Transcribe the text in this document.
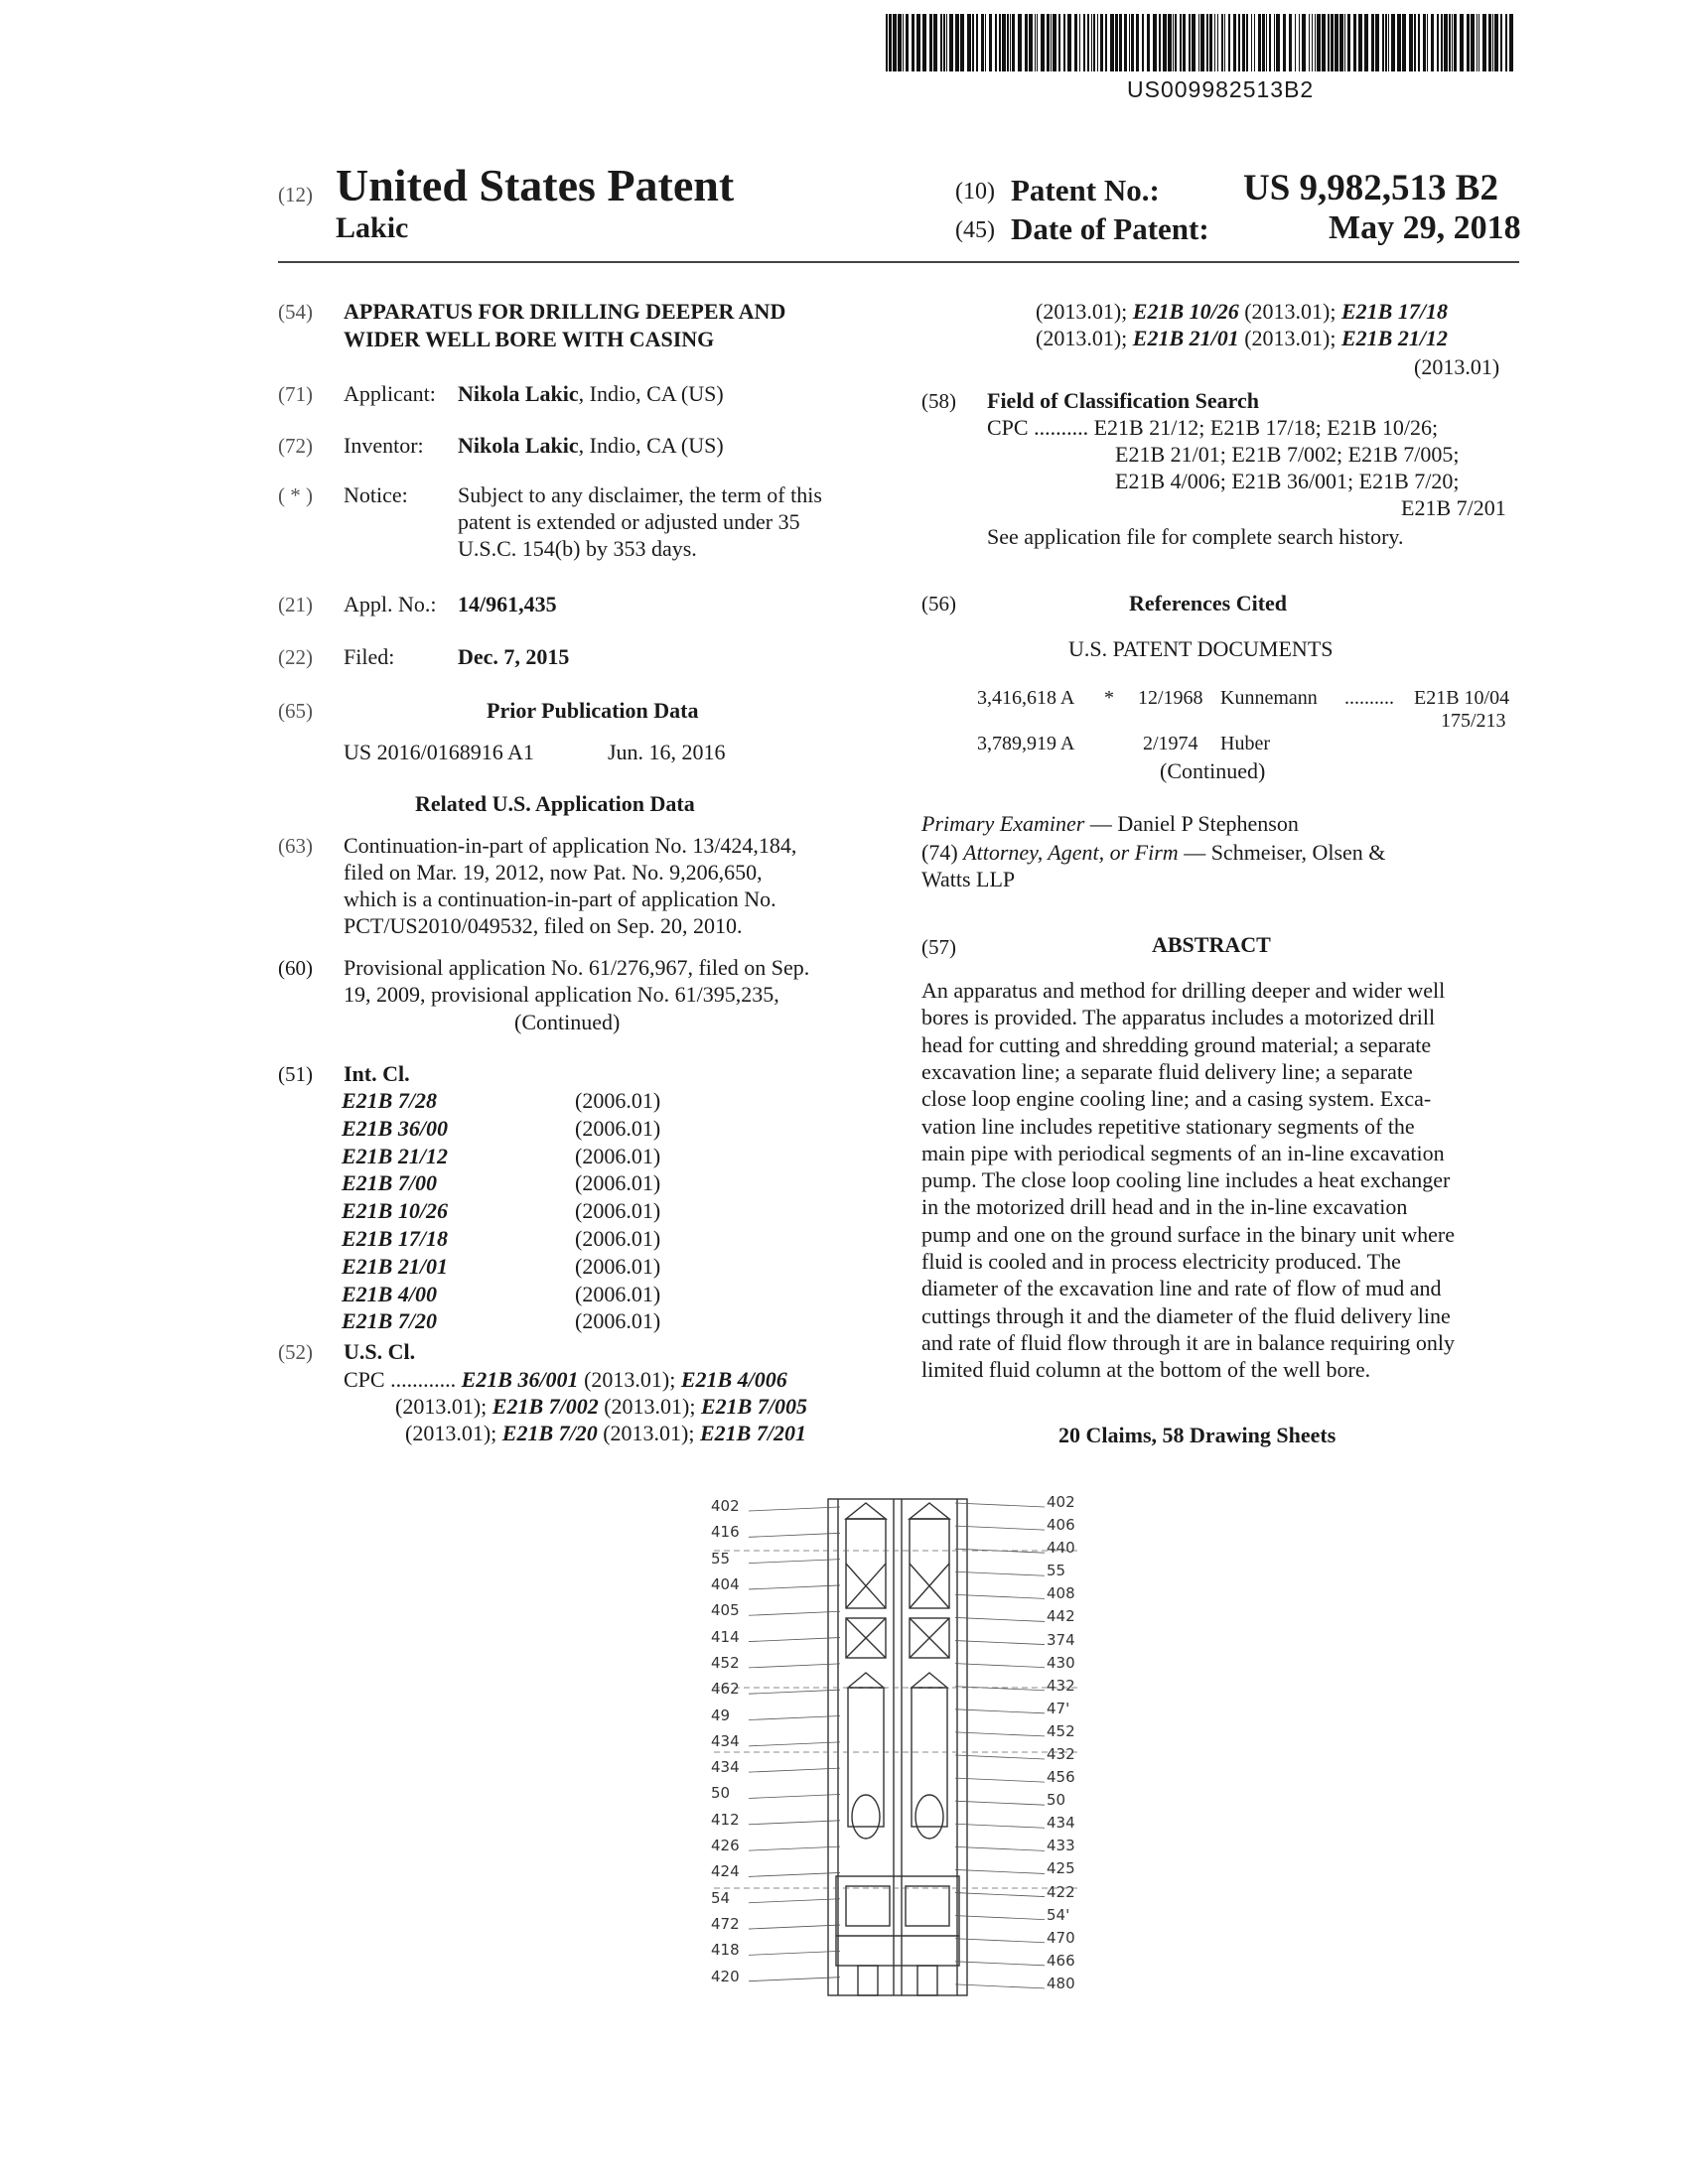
US009982513B2
(12) United States Patent
Lakic
(10) Patent No.: US 9,982,513 B2
(45) Date of Patent:	May 29, 2018
(54) APPARATUS FOR DRILLING DEEPER AND
WIDER WELL BORE WITH CASING
(71) Applicant: Nikola Lakic, Indio, CA (US)
(72) Inventor: Nikola Lakic, Indio, CA (US)
( * ) Notice: Subject to any disclaimer, the term of this
patent is extended or adjusted under 35
U.S.C. 154(b) by 353 days.
(21) Appl. No.: 14/961,435
(22) Filed:	Dec. 7, 2015
(65)	Prior Publication Data
US 2016/0168916 A1	Jun. 16, 2016
Related U.S. Application Data
(63) Continuation-in-part of application No. 13/424,184,
filed on Mar. 19, 2012, now Pat. No. 9,206,650,
which is a continuation-in-part of application No.
PCT/US2010/049532, filed on Sep. 20, 2010.
(60) Provisional application No. 61/276,967, filed on Sep.
19, 2009, provisional application No. 61/395,235,
(Continued)
(51) Int. Cl.
E21B 7/28	(2006.01)
E21B 36/00	(2006.01)
E21B 21/12	(2006.01)
E21B 7/00	(2006.01)
E21B 10/26	(2006.01)
E21B 17/18	(2006.01)
E21B 21/01	(2006.01)
E21B 4/00	(2006.01)
E21B 7/20	(2006.01)
(52) U.S. Cl.
CPC ............ E21B 36/001 (2013.01); E21B 4/006
(2013.01); E21B 7/002 (2013.01); E21B 7/005
(2013.01); E21B 7/20 (2013.01); E21B 7/201
(2013.01); E21B 10/26 (2013.01); E21B 17/18
(2013.01); E21B 21/01 (2013.01); E21B 21/12
(2013.01)
(58) Field of Classification Search
CPC .......... E21B 21/12; E21B 17/18; E21B 10/26;
E21B 21/01; E21B 7/002; E21B 7/005;
E21B 4/006; E21B 36/001; E21B 7/20;
E21B 7/201
See application file for complete search history.
(56)	References Cited
U.S. PATENT DOCUMENTS
3,416,618 A * 12/1968 Kunnemann .......... E21B 10/04
175/213
3,789,919 A	2/1974 Huber
(Continued)
Primary Examiner — Daniel P Stephenson
(74) Attorney, Agent, or Firm — Schmeiser, Olsen &
Watts LLP
(57)	ABSTRACT
An apparatus and method for drilling deeper and wider well
bores is provided. The apparatus includes a motorized drill
head for cutting and shredding ground material; a separate
excavation line; a separate fluid delivery line; a separate
close loop engine cooling line; and a casing system. Exca-
vation line includes repetitive stationary segments of the
main pipe with periodical segments of an in-line excavation
pump. The close loop cooling line includes a heat exchanger
in the motorized drill head and in the in-line excavation
pump and one on the ground surface in the binary unit where
fluid is cooled and in process electricity produced. The
diameter of the excavation line and rate of flow of mud and
cuttings through it and the diameter of the fluid delivery line
and rate of fluid flow through it are in balance requiring only
limited fluid column at the bottom of the well bore.
20 Claims, 58 Drawing Sheets
402
416
55
404
405
414
452
462
49
434
434
50
412
426
424
54
472
418
420
402
406
440
55
408
442
374
430
432
47'
452
432
456
50
434
433
425
422
54'
470
466
480
